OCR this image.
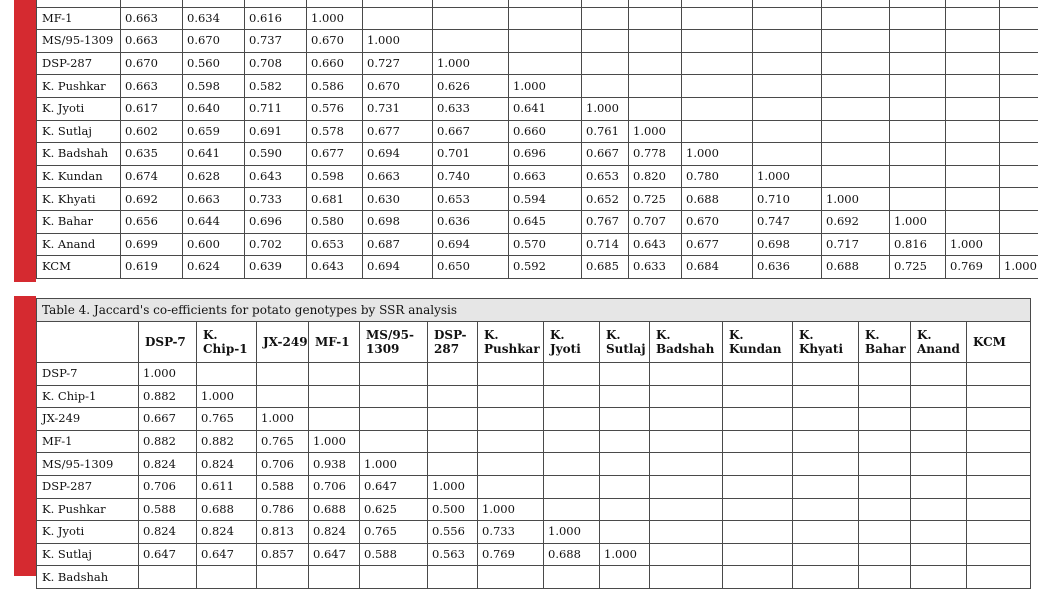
MF-1	0.663	0.634	0.616	1.000											
MS/95-1309	0.663	0.670	0.737	0.670	1.000										
DSP-287	0.670	0.560	0.708	0.660	0.727	1.000									
K. Pushkar	0.663	0.598	0.582	0.586	0.670	0.626	1.000								
K. Jyoti	0.617	0.640	0.711	0.576	0.731	0.633	0.641	1.000							
K. Sutlaj	0.602	0.659	0.691	0.578	0.677	0.667	0.660	0.761	1.000						
K. Badshah	0.635	0.641	0.590	0.677	0.694	0.701	0.696	0.667	0.778	1.000					
K. Kundan	0.674	0.628	0.643	0.598	0.663	0.740	0.663	0.653	0.820	0.780	1.000				
K. Khyati	0.692	0.663	0.733	0.681	0.630	0.653	0.594	0.652	0.725	0.688	0.710	1.000			
K. Bahar	0.656	0.644	0.696	0.580	0.698	0.636	0.645	0.767	0.707	0.670	0.747	0.692	1.000		
K. Anand	0.699	0.600	0.702	0.653	0.687	0.694	0.570	0.714	0.643	0.677	0.698	0.717	0.816	1.000	
KCM	0.619	0.624	0.639	0.643	0.694	0.650	0.592	0.685	0.633	0.684	0.636	0.688	0.725	0.769	1.000
Table 4. Jaccard's co-efficients for potato genotypes by SSR analysis															
	DSP-7	K. Chip-1	JX-249	MF-1	MS/95-1309	DSP-287	K. Pushkar	K. Jyoti	K. Sutlaj	K. Badshah	K. Kundan	K. Khyati	K. Bahar	K. Anand	KCM
DSP-7	1.000														
K. Chip-1	0.882	1.000													
JX-249	0.667	0.765	1.000												
MF-1	0.882	0.882	0.765	1.000											
MS/95-1309	0.824	0.824	0.706	0.938	1.000										
DSP-287	0.706	0.611	0.588	0.706	0.647	1.000									
K. Pushkar	0.588	0.688	0.786	0.688	0.625	0.500	1.000								
K. Jyoti	0.824	0.824	0.813	0.824	0.765	0.556	0.733	1.000							
K. Sutlaj	0.647	0.647	0.857	0.647	0.588	0.563	0.769	0.688	1.000						
K. Badshah															
